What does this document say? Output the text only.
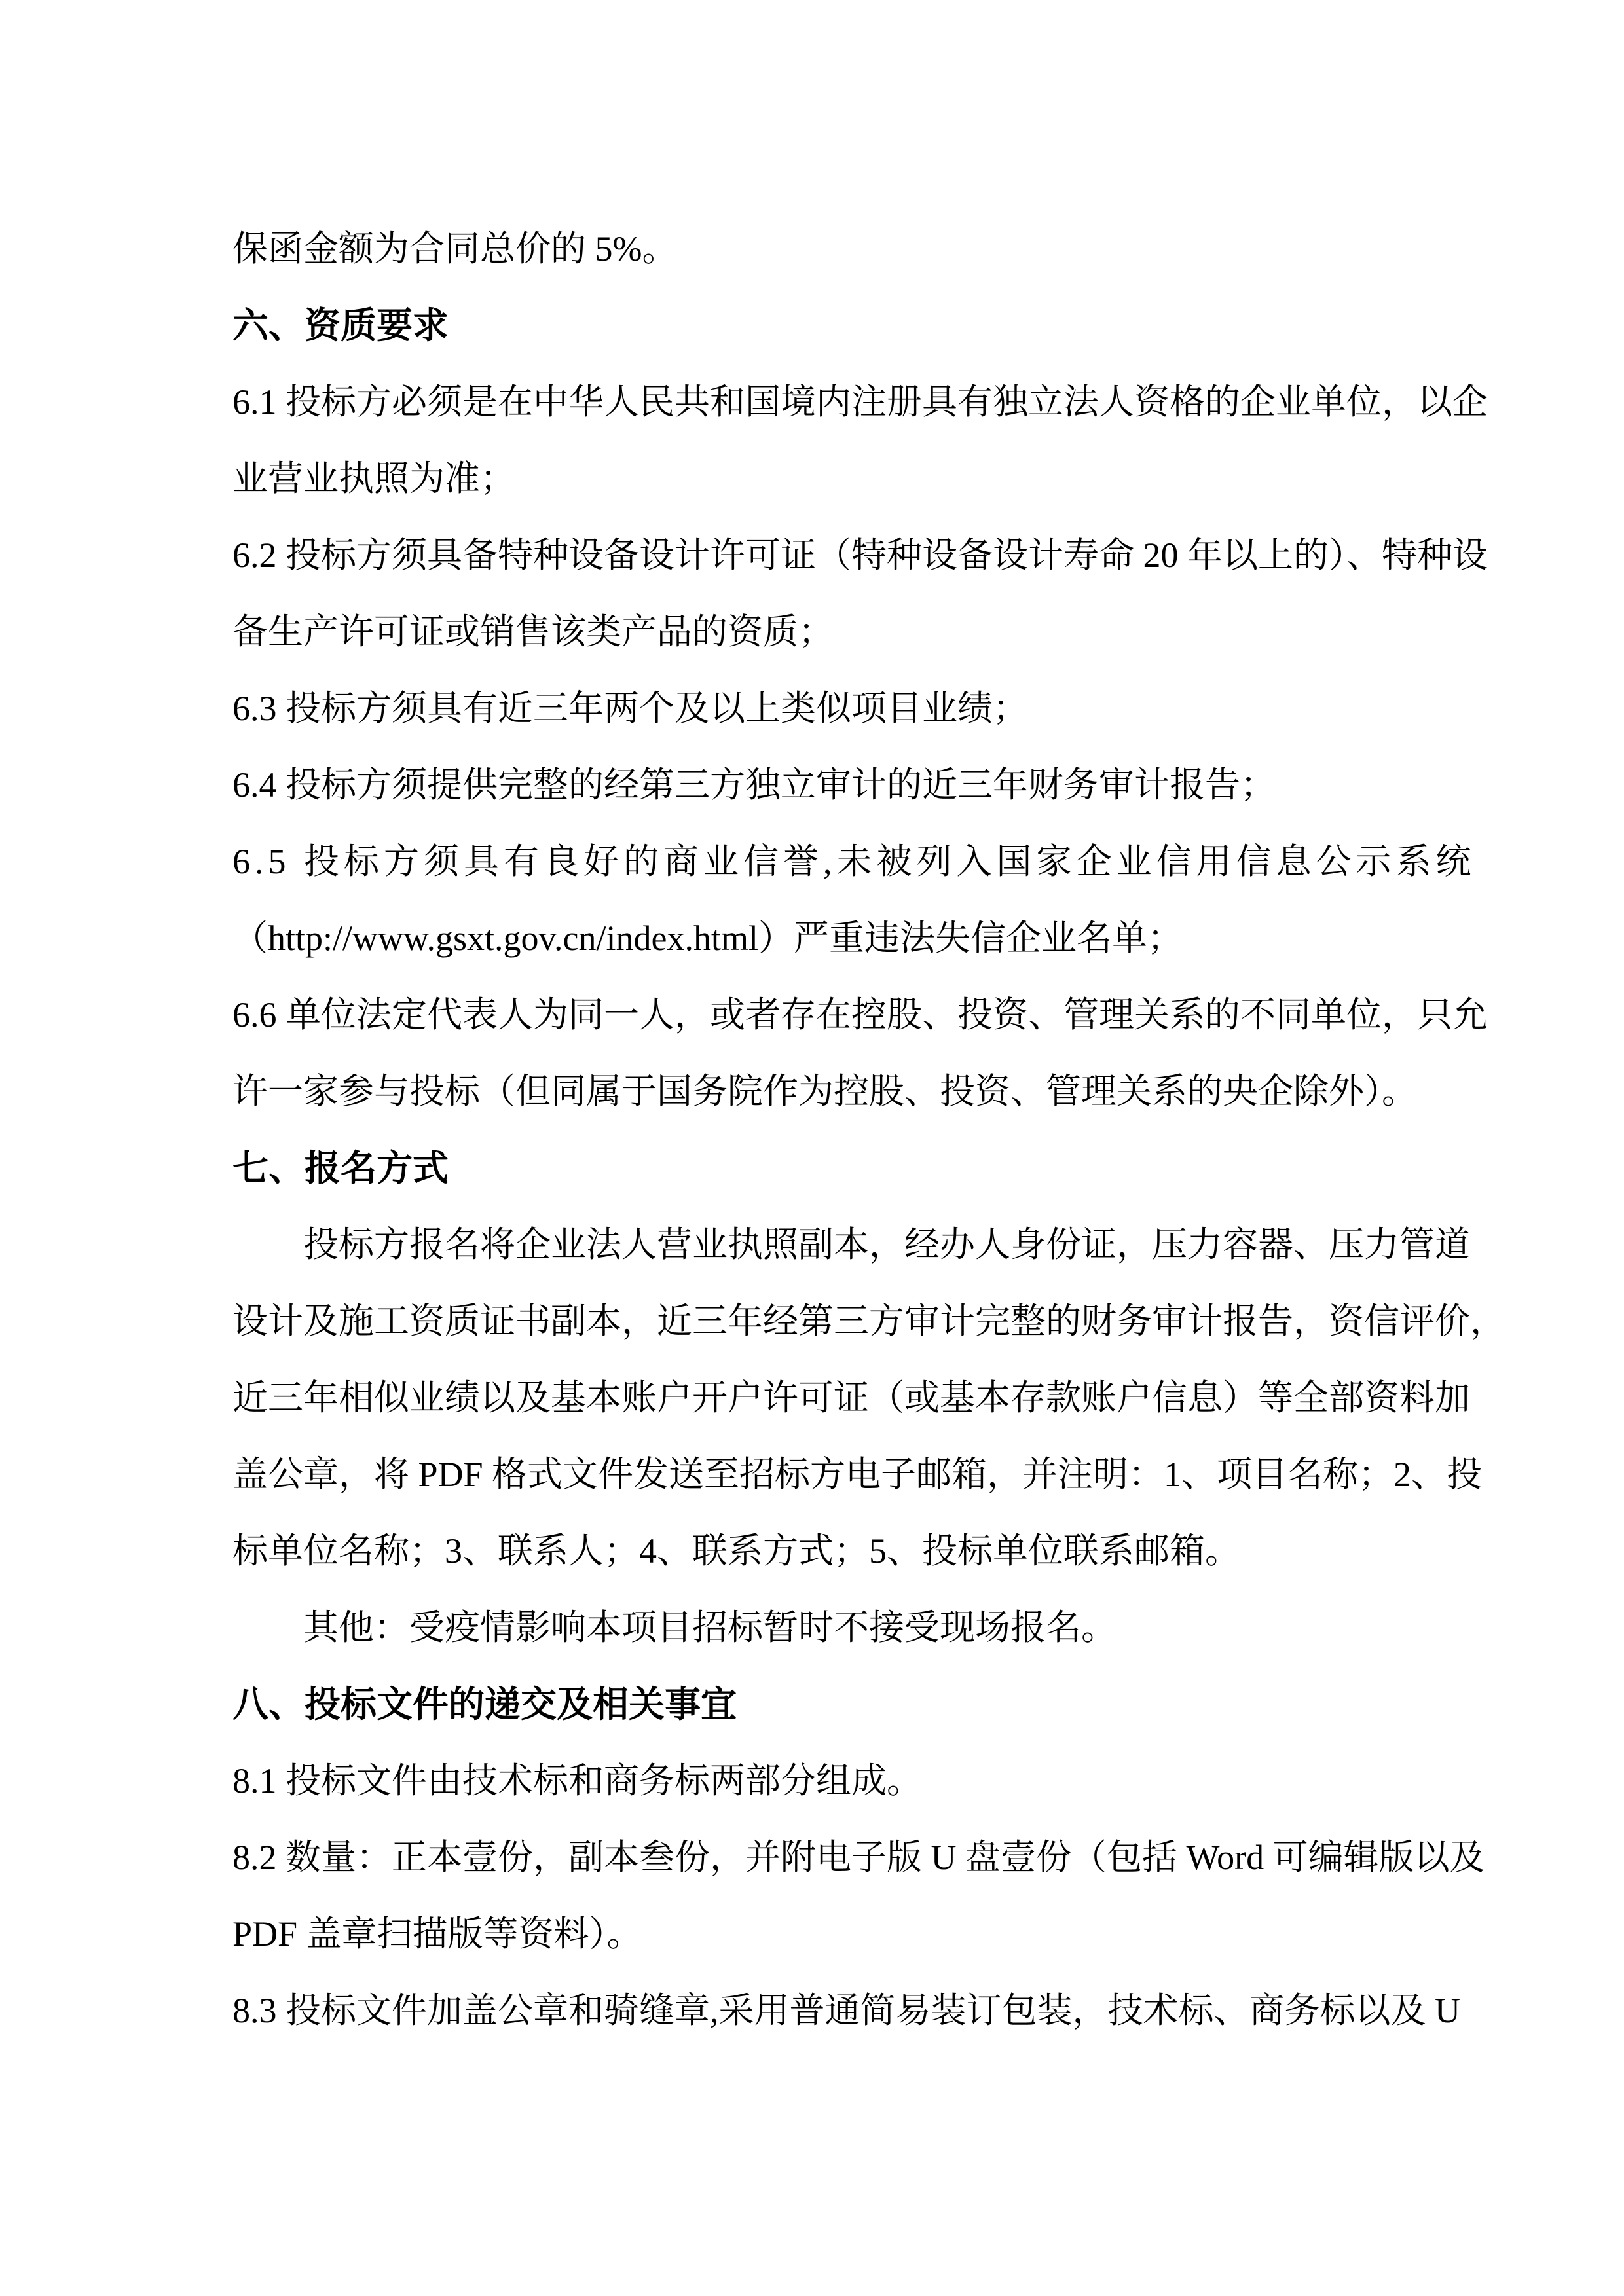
保函金额为合同总价的 5%。
六、资质要求
6.1 投标方必须是在中华人民共和国境内注册具有独立法人资格的企业单位，以企
业营业执照为准；
6.2 投标方须具备特种设备设计许可证（特种设备设计寿命 20 年以上的）、特种设
备生产许可证或销售该类产品的资质；
6.3 投标方须具有近三年两个及以上类似项目业绩；
6.4 投标方须提供完整的经第三方独立审计的近三年财务审计报告；
6.5 投标方须具有良好的商业信誉,未被列入国家企业信用信息公示系统
（http://www.gsxt.gov.cn/index.html）严重违法失信企业名单；
6.6 单位法定代表人为同一人，或者存在控股、投资、管理关系的不同单位，只允
许一家参与投标（但同属于国务院作为控股、投资、管理关系的央企除外）。
七、报名方式
投标方报名将企业法人营业执照副本，经办人身份证，压力容器、压力管道
设计及施工资质证书副本，近三年经第三方审计完整的财务审计报告，资信评价，
近三年相似业绩以及基本账户开户许可证（或基本存款账户信息）等全部资料加
盖公章，将 PDF 格式文件发送至招标方电子邮箱，并注明：1、项目名称；2、投
标单位名称；3、联系人；4、联系方式；5、投标单位联系邮箱。
其他：受疫情影响本项目招标暂时不接受现场报名。
八、投标文件的递交及相关事宜
8.1 投标文件由技术标和商务标两部分组成。
8.2 数量：正本壹份，副本叁份，并附电子版 U 盘壹份（包括 Word 可编辑版以及
PDF 盖章扫描版等资料）。
8.3 投标文件加盖公章和骑缝章,采用普通简易装订包装，技术标、商务标以及 U
